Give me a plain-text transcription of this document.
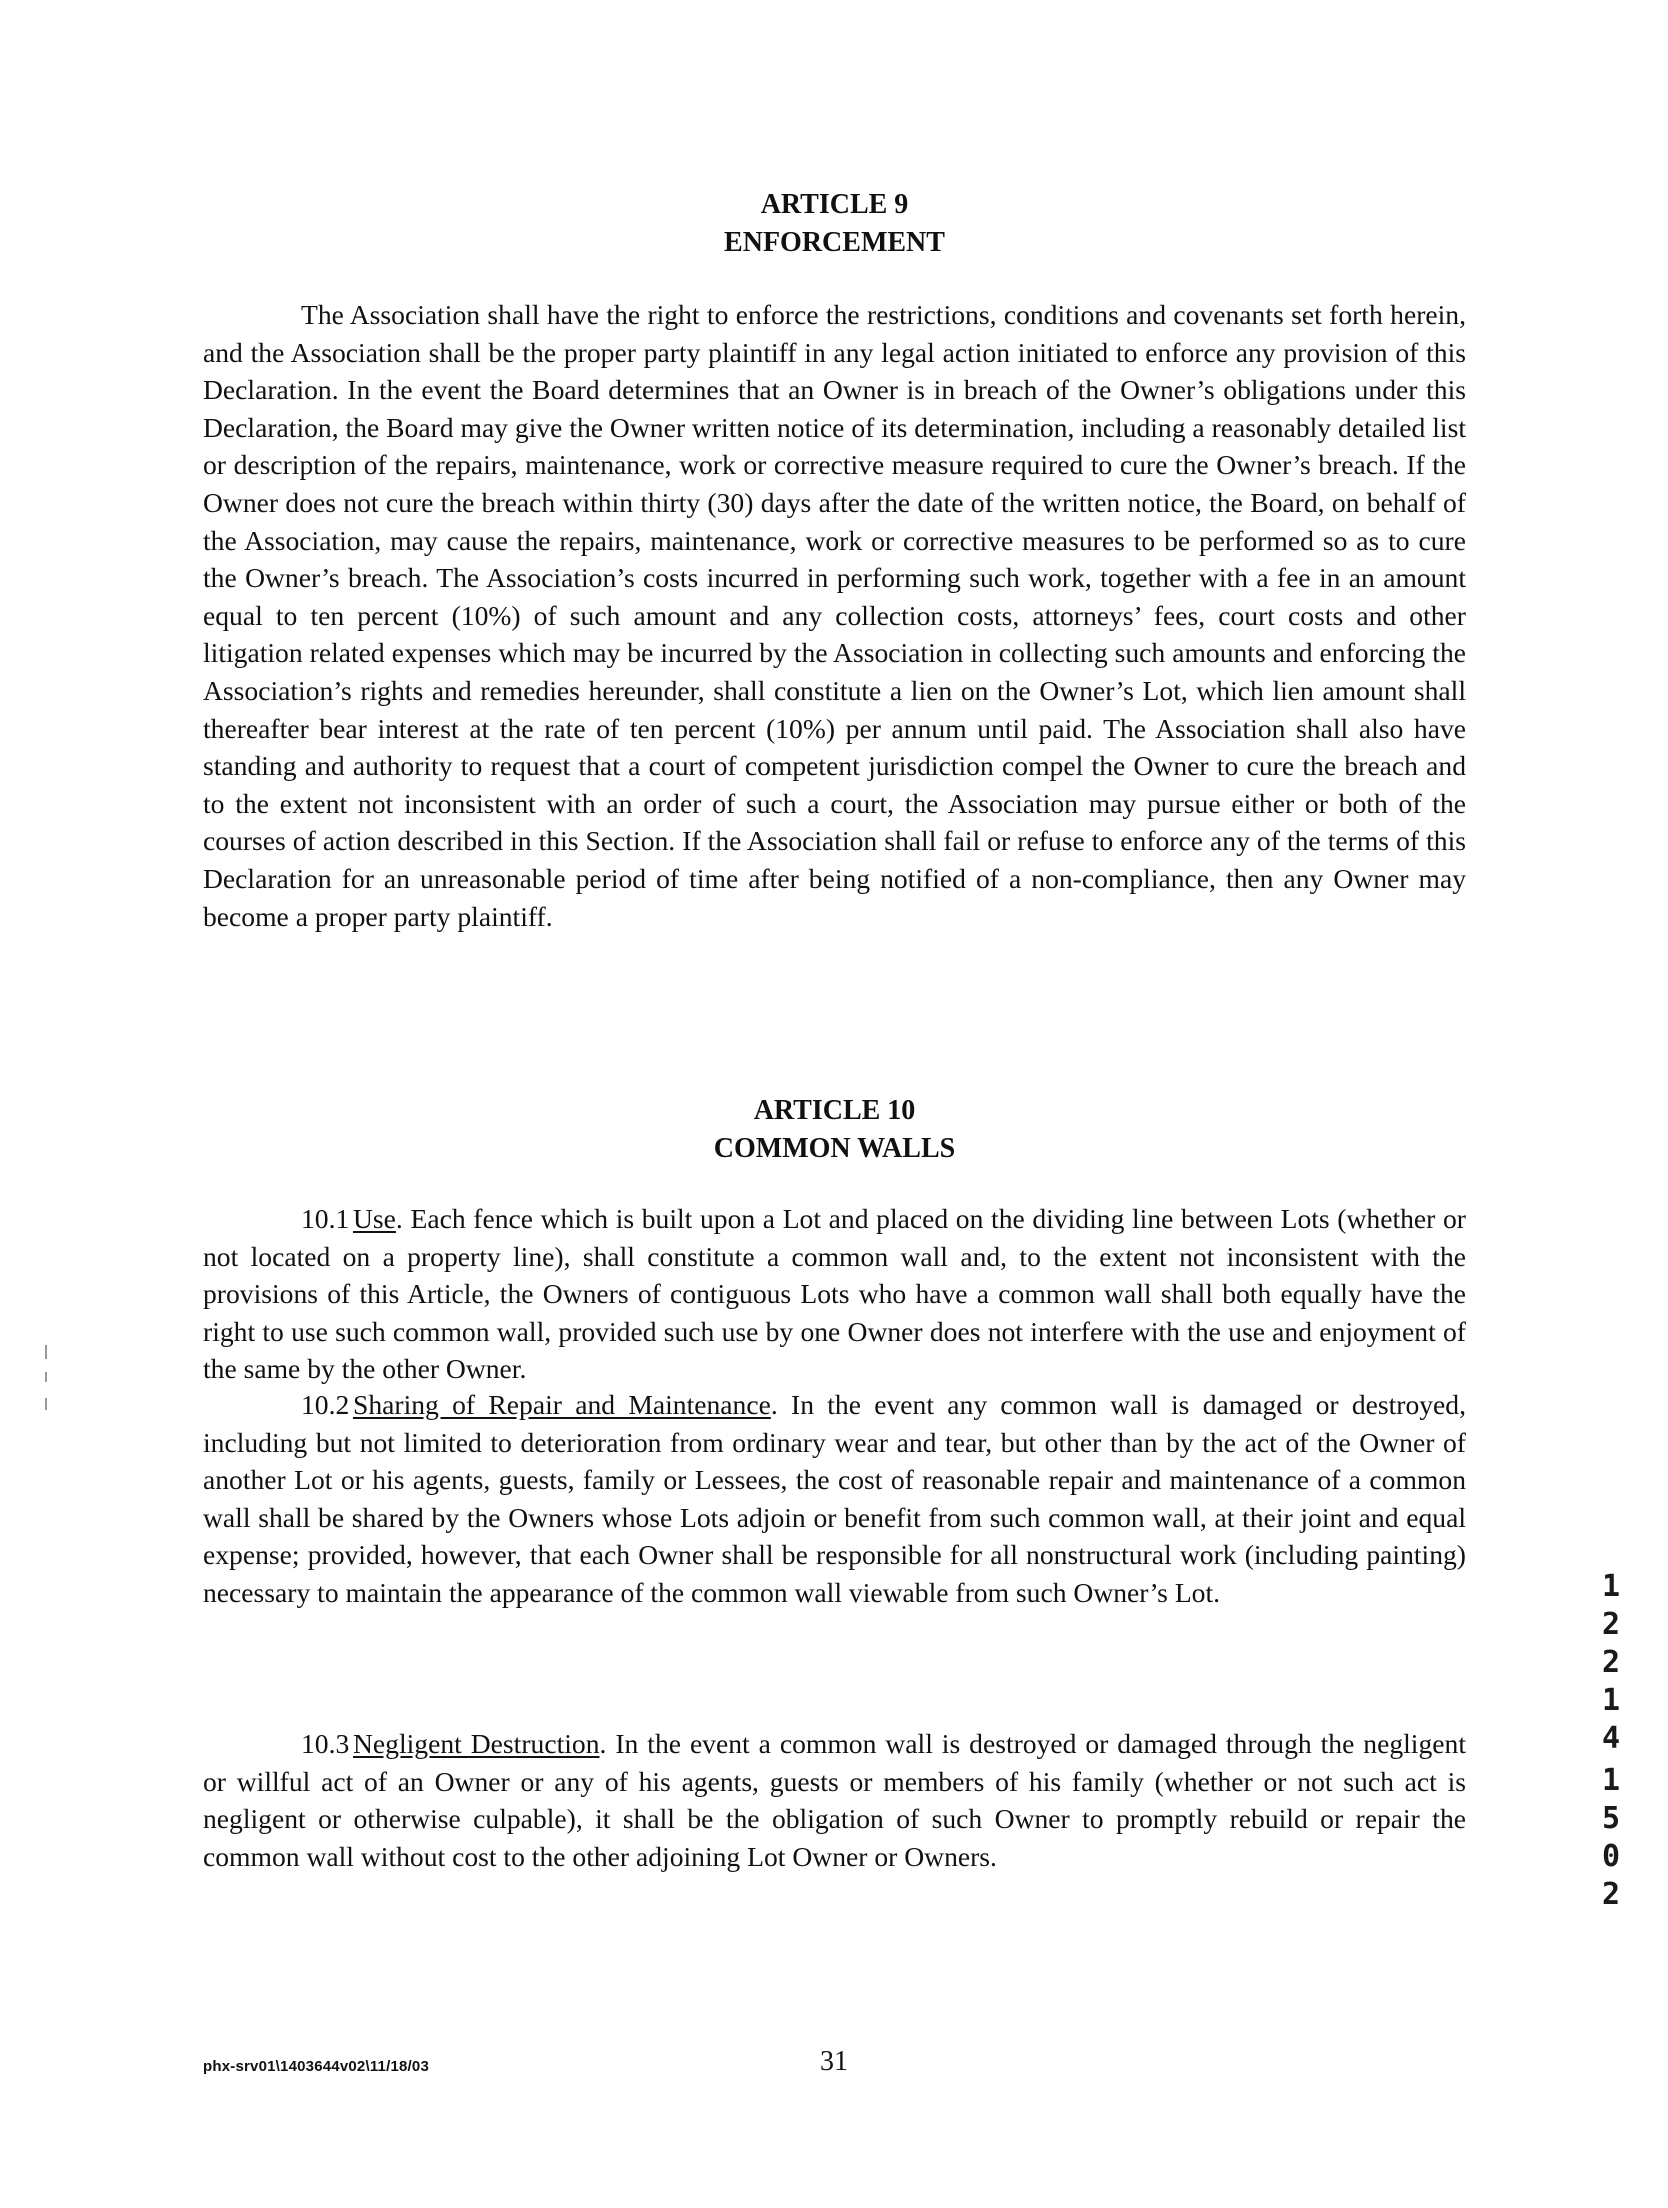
ARTICLE 9
ENFORCEMENT

The Association shall have the right to enforce the restrictions, conditions and covenants set forth herein, and the Association shall be the proper party plaintiff in any legal action initiated to enforce any provision of this Declaration. In the event the Board determines that an Owner is in breach of the Owner’s obligations under this Declaration, the Board may give the Owner written notice of its determination, including a reasonably detailed list or description of the repairs, maintenance, work or corrective measure required to cure the Owner’s breach. If the Owner does not cure the breach within thirty (30) days after the date of the written notice, the Board, on behalf of the Association, may cause the repairs, maintenance, work or corrective measures to be performed so as to cure the Owner’s breach. The Association’s costs incurred in performing such work, together with a fee in an amount equal to ten percent (10%) of such amount and any collection costs, attorneys’ fees, court costs and other litigation related expenses which may be incurred by the Association in collecting such amounts and enforcing the Association’s rights and remedies hereunder, shall constitute a lien on the Owner’s Lot, which lien amount shall thereafter bear interest at the rate of ten percent (10%) per annum until paid. The Association shall also have standing and authority to request that a court of competent jurisdiction compel the Owner to cure the breach and to the extent not inconsistent with an order of such a court, the Association may pursue either or both of the courses of action described in this Section. If the Association shall fail or refuse to enforce any of the terms of this Declaration for an unreasonable period of time after being notified of a non-compliance, then any Owner may become a proper party plaintiff.

ARTICLE 10
COMMON WALLS

10.1 Use. Each fence which is built upon a Lot and placed on the dividing line between Lots (whether or not located on a property line), shall constitute a common wall and, to the extent not inconsistent with the provisions of this Article, the Owners of contiguous Lots who have a common wall shall both equally have the right to use such common wall, provided such use by one Owner does not interfere with the use and enjoyment of the same by the other Owner.

10.2 Sharing of Repair and Maintenance. In the event any common wall is damaged or destroyed, including but not limited to deterioration from ordinary wear and tear, but other than by the act of the Owner of another Lot or his agents, guests, family or Lessees, the cost of reasonable repair and maintenance of a common wall shall be shared by the Owners whose Lots adjoin or benefit from such common wall, at their joint and equal expense; provided, however, that each Owner shall be responsible for all nonstructural work (including painting) necessary to maintain the appearance of the common wall viewable from such Owner’s Lot.

10.3 Negligent Destruction. In the event a common wall is destroyed or damaged through the negligent or willful act of an Owner or any of his agents, guests or members of his family (whether or not such act is negligent or otherwise culpable), it shall be the obligation of such Owner to promptly rebuild or repair the common wall without cost to the other adjoining Lot Owner or Owners.

1
2
2
1
4
1
5
0
2
phx-srv01\1403644v02\11/18/03	31
